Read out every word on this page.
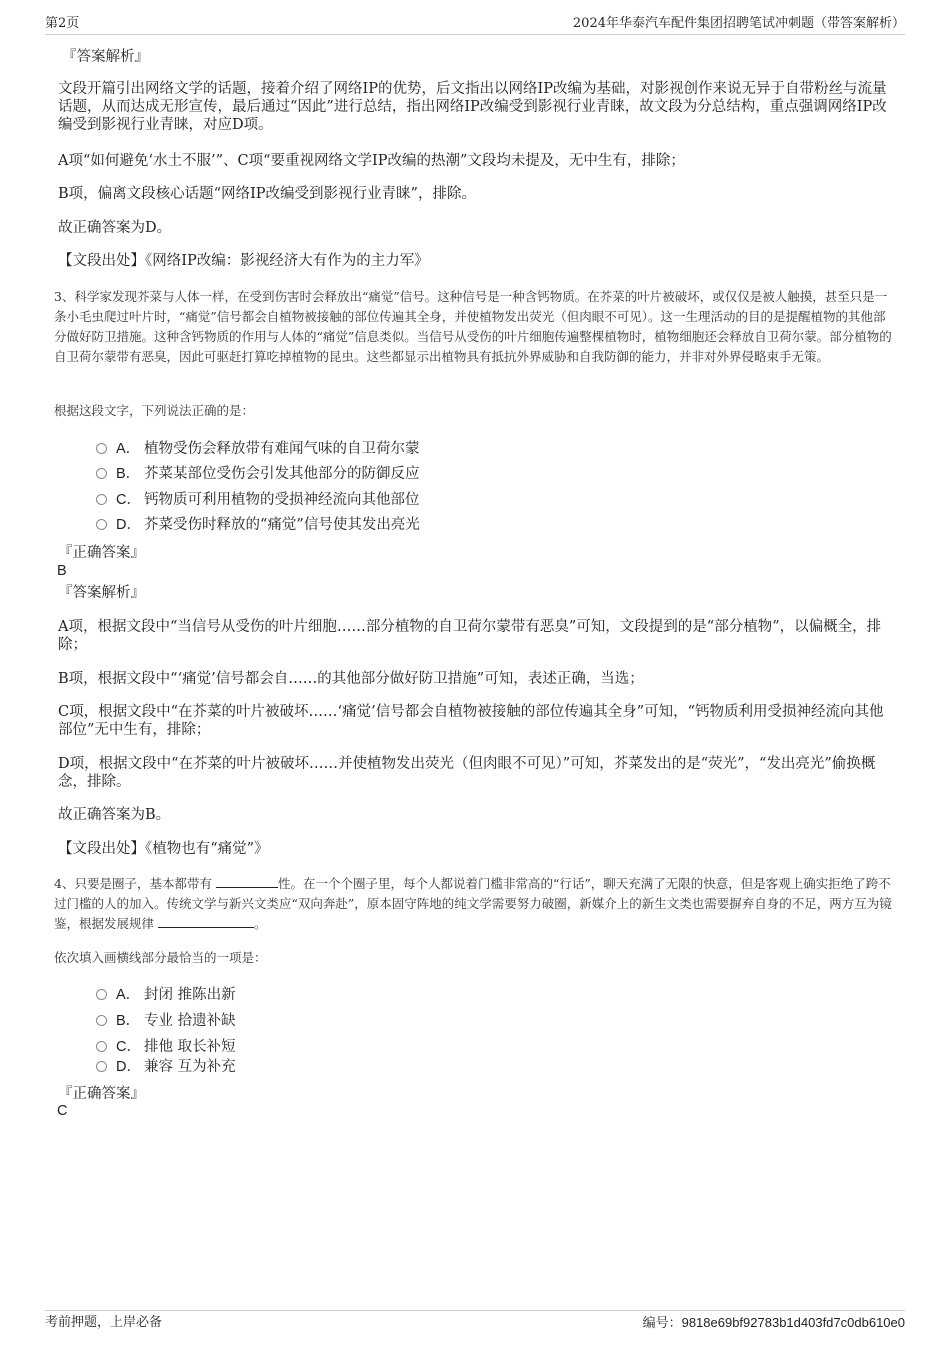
第2页	2024年华泰汽车配件集团招聘笔试冲刺题（带答案解析）
『答案解析』

文段开篇引出网络文学的话题，接着介绍了网络IP的优势，后文指出以网络IP改编为基础，对影视创作来说无异于自带粉丝与流量话题，从而达成无形宣传，最后通过“因此”进行总结，指出网络IP改编受到影视行业青睐，故文段为分总结构，重点强调网络IP改编受到影视行业青睐，对应D项。

A项“如何避免‘水土不服’”、C项“要重视网络文学IP改编的热潮”文段均未提及，无中生有，排除；

B项，偏离文段核心话题“网络IP改编受到影视行业青睐”，排除。

故正确答案为D。

【文段出处】《网络IP改编：影视经济大有作为的主力军》

3、科学家发现芥菜与人体一样，在受到伤害时会释放出“痛觉”信号。这种信号是一种含钙物质。在芥菜的叶片被破坏，或仅仅是被人触摸，甚至只是一条小毛虫爬过叶片时，“痛觉”信号都会自植物被接触的部位传遍其全身，并使植物发出荧光（但肉眼不可见）。这一生理活动的目的是提醒植物的其他部分做好防卫措施。这种含钙物质的作用与人体的“痛觉”信息类似。当信号从受伤的叶片细胞传遍整棵植物时，植物细胞还会释放自卫荷尔蒙。部分植物的自卫荷尔蒙带有恶臭，因此可驱赶打算吃掉植物的昆虫。这些都显示出植物具有抵抗外界威胁和自我防御的能力，并非对外界侵略束手无策。

根据这段文字，下列说法正确的是：

A． 植物受伤会释放带有难闻气味的自卫荷尔蒙
B． 芥菜某部位受伤会引发其他部分的防御反应
C． 钙物质可利用植物的受损神经流向其他部位
D． 芥菜受伤时释放的“痛觉”信号使其发出亮光
『正确答案』
B
『答案解析』

A项，根据文段中“当信号从受伤的叶片细胞……部分植物的自卫荷尔蒙带有恶臭”可知，文段提到的是“部分植物”，以偏概全，排除；

B项，根据文段中“‘痛觉’信号都会自……的其他部分做好防卫措施”可知，表述正确，当选；

C项，根据文段中“在芥菜的叶片被破坏……‘痛觉’信号都会自植物被接触的部位传遍其全身”可知，“钙物质利用受损神经流向其他部位”无中生有，排除；

D项，根据文段中“在芥菜的叶片被破坏……并使植物发出荧光（但肉眼不可见）”可知，芥菜发出的是“荧光”，“发出亮光”偷换概念，排除。

故正确答案为B。

【文段出处】《植物也有“痛觉”》

4、只要是圈子，基本都带有	性。在一个个圈子里，每个人都说着门槛非常高的“行话”，聊天充满了无限的快意，但是客观上确实拒绝了跨不过门槛的人的加入。传统文学与新兴文类应“双向奔赴”，原本固守阵地的纯文学需要努力破圈，新媒介上的新生文类也需要摒弃自身的不足，两方互为镜鉴，根据发展规律	。

依次填入画横线部分最恰当的一项是：

A． 封闭 推陈出新
B． 专业 拾遗补缺
C． 排他 取长补短
D． 兼容 互为补充
『正确答案』
C
考前押题，上岸必备	编号：9818e69bf92783b1d403fd7c0db610e0
